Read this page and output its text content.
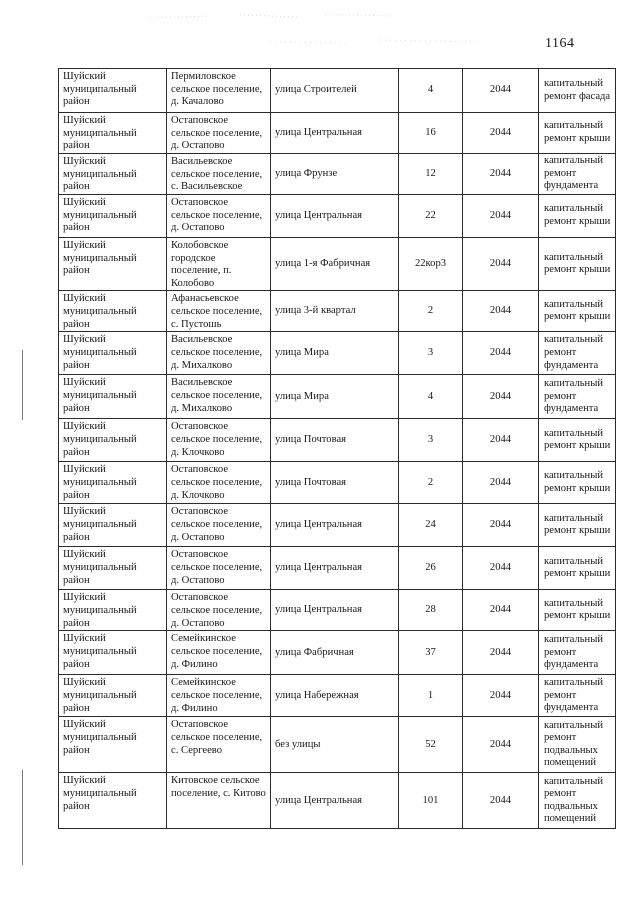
1164
Шуйский муниципальный район	Пермиловское сельское поселение, д. Качалово	улица Строителей	4	2044	капитальный ремонт фасада
Шуйский муниципальный район	Остаповское сельское поселение, д. Остапово	улица Центральная	16	2044	капитальный ремонт крыши
Шуйский муниципальный район	Васильевское сельское поселение, с. Васильевское	улица Фрунзе	12	2044	капитальный ремонт фундамента
Шуйский муниципальный район	Остаповское сельское поселение, д. Остапово	улица Центральная	22	2044	капитальный ремонт крыши
Шуйский муниципальный район	Колобовское городское поселение, п. Колобово	улица 1-я Фабричная	22кор3	2044	капитальный ремонт крыши
Шуйский муниципальный район	Афанасьевское сельское поселение, с. Пустошь	улица 3-й квартал	2	2044	капитальный ремонт крыши
Шуйский муниципальный район	Васильевское сельское поселение, д. Михалково	улица Мира	3	2044	капитальный ремонт фундамента
Шуйский муниципальный район	Васильевское сельское поселение, д. Михалково	улица Мира	4	2044	капитальный ремонт фундамента
Шуйский муниципальный район	Остаповское сельское поселение, д. Клочково	улица Почтовая	3	2044	капитальный ремонт крыши
Шуйский муниципальный район	Остаповское сельское поселение, д. Клочково	улица Почтовая	2	2044	капитальный ремонт крыши
Шуйский муниципальный район	Остаповское сельское поселение, д. Остапово	улица Центральная	24	2044	капитальный ремонт крыши
Шуйский муниципальный район	Остаповское сельское поселение, д. Остапово	улица Центральная	26	2044	капитальный ремонт крыши
Шуйский муниципальный район	Остаповское сельское поселение, д. Остапово	улица Центральная	28	2044	капитальный ремонт крыши
Шуйский муниципальный район	Семейкинское сельское поселение, д. Филино	улица Фабричная	37	2044	капитальный ремонт фундамента
Шуйский муниципальный район	Семейкинское сельское поселение, д. Филино	улица Набережная	1	2044	капитальный ремонт фундамента
Шуйский муниципальный район	Остаповское сельское поселение, с. Сергеево	без улицы	52	2044	капитальный ремонт подвальных помещений
Шуйский муниципальный район	Китовское сельское поселение, с. Китово	улица Центральная	101	2044	капитальный ремонт подвальных помещений
